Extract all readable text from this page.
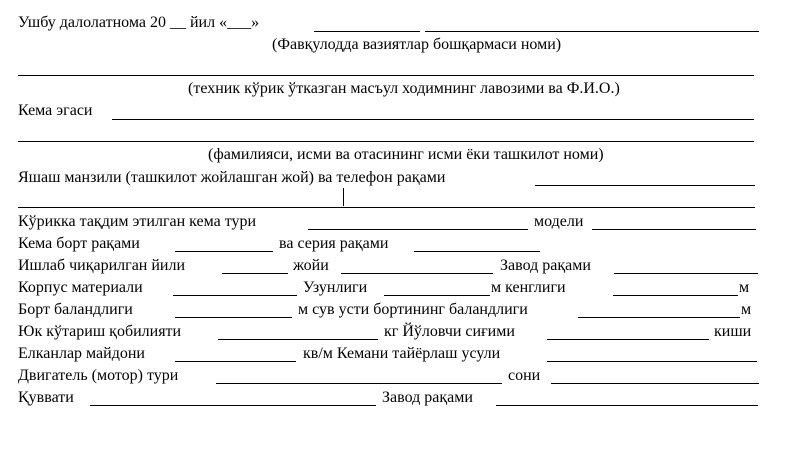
Ушбу далолатнома 20 __ йил «___»
(Фавқулодда вазиятлар бошқармаси номи)
(техник кўрик ўтказган масъул ходимнинг лавозими ва Ф.И.О.)
Кема эгаси
(фамилияси, исми ва отасининг исми ёки ташкилот номи)
Яшаш манзили (ташкилот жойлашган жой) ва телефон рақами
Кўрикка тақдим этилган кема тури	модели
Кема борт рақами	ва серия рақами
Ишлаб чиқарилган йили	жойи	Завод рақами
Корпус материали	Узунлиги	м кенглиги	м
Борт баландлиги	м сув усти бортининг баландлиги	м
Юк кўтариш қобилияти	кг Йўловчи сиғими	киши
Елканлар майдони	кв/м Кемани тайёрлаш усули
Двигатель (мотор) тури	сони
Қуввати	Завод рақами
